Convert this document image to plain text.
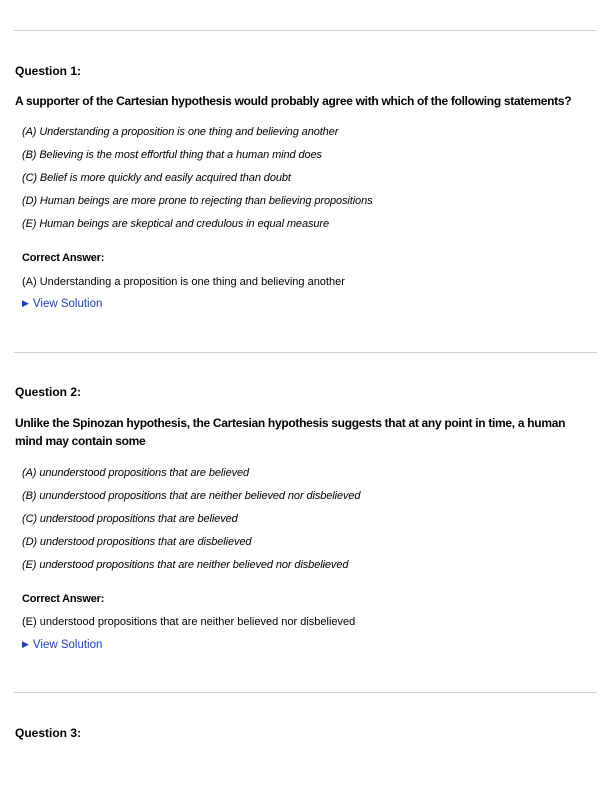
Question 1:
A supporter of the Cartesian hypothesis would probably agree with which of the following statements?
(A) Understanding a proposition is one thing and believing another
(B) Believing is the most effortful thing that a human mind does
(C) Belief is more quickly and easily acquired than doubt
(D) Human beings are more prone to rejecting than believing propositions
(E) Human beings are skeptical and credulous in equal measure
Correct Answer:
(A) Understanding a proposition is one thing and believing another
▶ View Solution
Question 2:
Unlike the Spinozan hypothesis, the Cartesian hypothesis suggests that at any point in time, a human mind may contain some
(A) ununderstood propositions that are believed
(B) ununderstood propositions that are neither believed nor disbelieved
(C) understood propositions that are believed
(D) understood propositions that are disbelieved
(E) understood propositions that are neither believed nor disbelieved
Correct Answer:
(E) understood propositions that are neither believed nor disbelieved
▶ View Solution
Question 3:
